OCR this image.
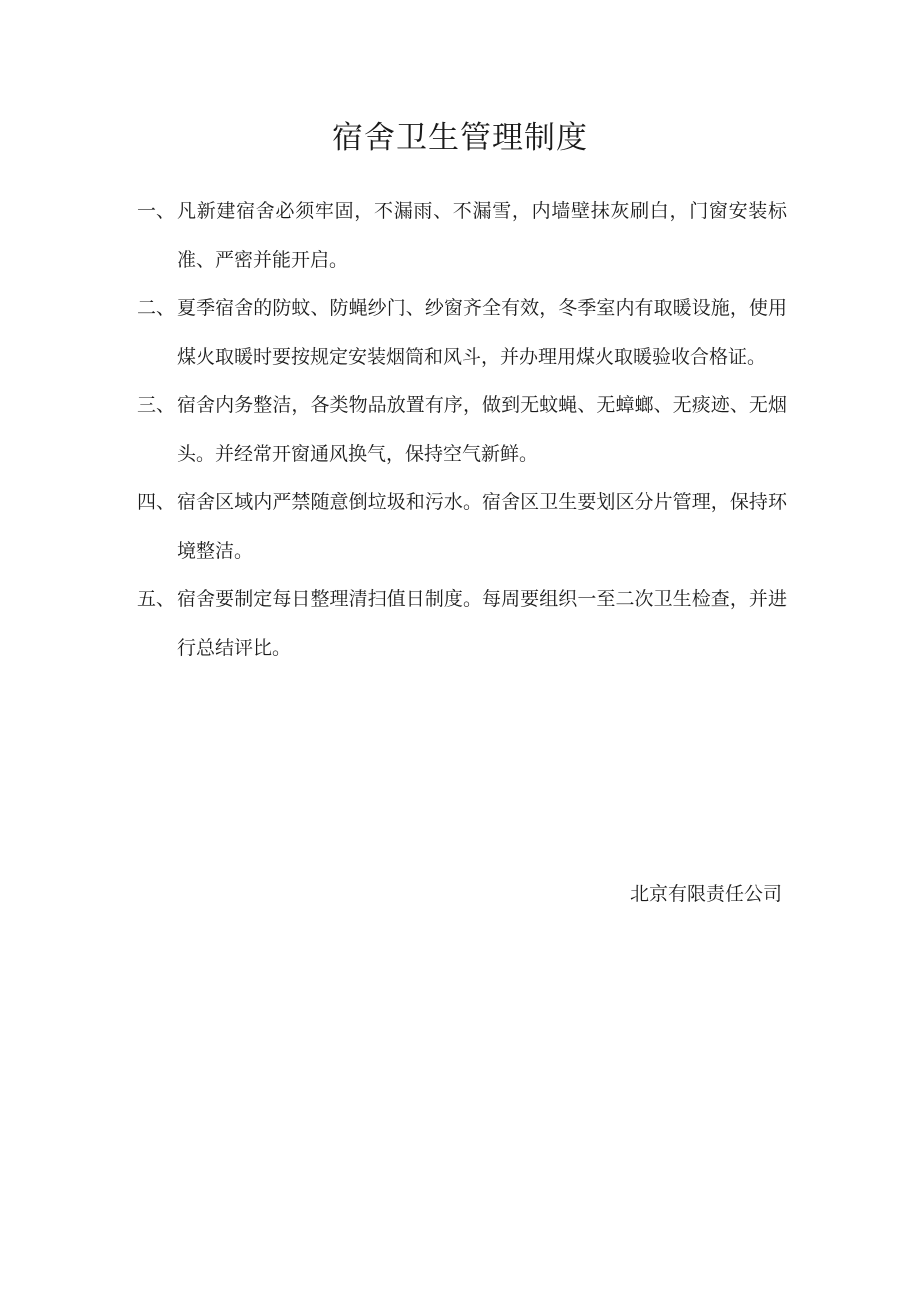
宿舍卫生管理制度
一、 凡新建宿舍必须牢固，不漏雨、不漏雪，内墙壁抹灰刷白，门窗安装标准、严密并能开启。
二、 夏季宿舍的防蚊、防蝇纱门、纱窗齐全有效，冬季室内有取暖设施，使用煤火取暖时要按规定安装烟筒和风斗，并办理用煤火取暖验收合格证。
三、 宿舍内务整洁，各类物品放置有序，做到无蚊蝇、无蟑螂、无痰迹、无烟头。并经常开窗通风换气，保持空气新鲜。
四、 宿舍区域内严禁随意倒垃圾和污水。宿舍区卫生要划区分片管理，保持环境整洁。
五、 宿舍要制定每日整理清扫值日制度。每周要组织一至二次卫生检查，并进行总结评比。

北京有限责任公司
